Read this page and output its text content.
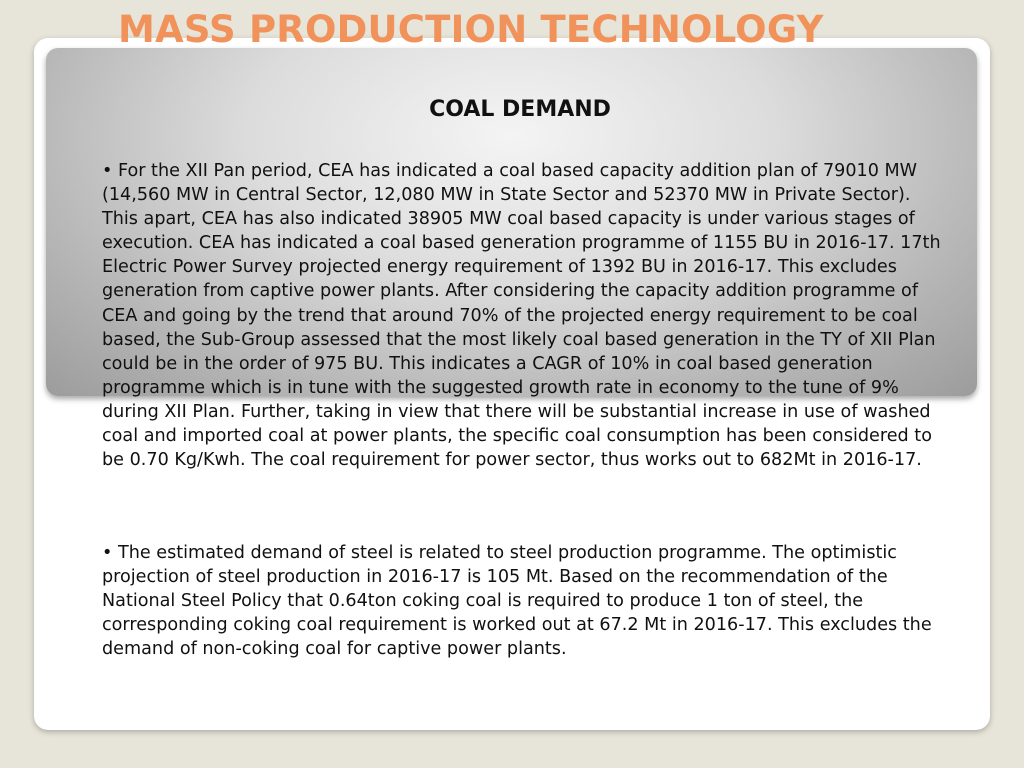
MASS PRODUCTION TECHNOLOGY
COAL DEMAND

• For the XII Pan period, CEA has indicated a coal based capacity addition plan of 79010 MW (14,560 MW in Central Sector, 12,080 MW in State Sector and 52370 MW in Private Sector). This apart, CEA has also indicated 38905 MW coal based capacity is under various stages of execution. CEA has indicated a coal based generation programme of 1155 BU in 2016-17. 17th Electric Power Survey projected energy requirement of 1392 BU in 2016-17. This excludes generation from captive power plants. After considering the capacity addition programme of CEA and going by the trend that around 70% of the projected energy requirement to be coal based, the Sub-Group assessed that the most likely coal based generation in the TY of XII Plan could be in the order of 975 BU. This indicates a CAGR of 10% in coal based generation programme which is in tune with the suggested growth rate in economy to the tune of 9% during XII Plan. Further, taking in view that there will be substantial increase in use of washed coal and imported coal at power plants, the specific coal consumption has been considered to be 0.70 Kg/Kwh. The coal requirement for power sector, thus works out to 682Mt in 2016-17.

• The estimated demand of steel is related to steel production programme. The optimistic projection of steel production in 2016-17 is 105 Mt. Based on the recommendation of the National Steel Policy that 0.64ton coking coal is required to produce 1 ton of steel, the corresponding coking coal requirement is worked out at 67.2 Mt in 2016-17. This excludes the demand of non-coking coal for captive power plants.
